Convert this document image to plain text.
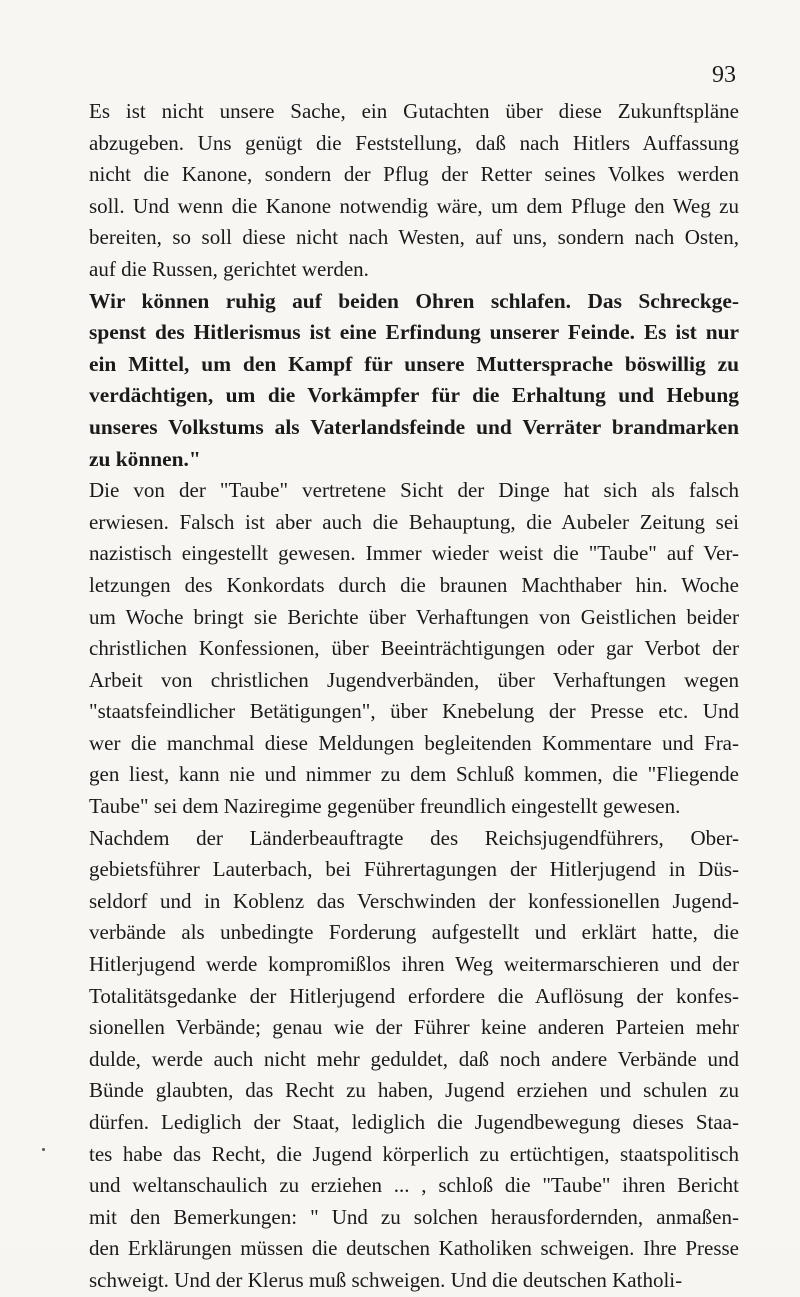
93
Es ist nicht unsere Sache, ein Gutachten über diese Zukunftspläne
abzugeben. Uns genügt die Feststellung, daß nach Hitlers Auffassung
nicht die Kanone, sondern der Pflug der Retter seines Volkes werden
soll. Und wenn die Kanone notwendig wäre, um dem Pfluge den Weg zu
bereiten, so soll diese nicht nach Westen, auf uns, sondern nach Osten,
auf die Russen, gerichtet werden.
Wir können ruhig auf beiden Ohren schlafen. Das Schreckge-
spenst des Hitlerismus ist eine Erfindung unserer Feinde. Es ist nur
ein Mittel, um den Kampf für unsere Muttersprache böswillig zu
verdächtigen, um die Vorkämpfer für die Erhaltung und Hebung
unseres Volkstums als Vaterlandsfeinde und Verräter brandmarken
zu können."
Die von der "Taube" vertretene Sicht der Dinge hat sich als falsch
erwiesen. Falsch ist aber auch die Behauptung, die Aubeler Zeitung sei
nazistisch eingestellt gewesen. Immer wieder weist die "Taube" auf Ver-
letzungen des Konkordats durch die braunen Machthaber hin. Woche
um Woche bringt sie Berichte über Verhaftungen von Geistlichen beider
christlichen Konfessionen, über Beeinträchtigungen oder gar Verbot der
Arbeit von christlichen Jugendverbänden, über Verhaftungen wegen
"staatsfeindlicher Betätigungen", über Knebelung der Presse etc. Und
wer die manchmal diese Meldungen begleitenden Kommentare und Fra-
gen liest, kann nie und nimmer zu dem Schluß kommen, die "Fliegende
Taube" sei dem Naziregime gegenüber freundlich eingestellt gewesen.
Nachdem der Länderbeauftragte des Reichsjugendführers, Ober-
gebietsführer Lauterbach, bei Führertagungen der Hitlerjugend in Düs-
seldorf und in Koblenz das Verschwinden der konfessionellen Jugend-
verbände als unbedingte Forderung aufgestellt und erklärt hatte, die
Hitlerjugend werde kompromißlos ihren Weg weitermarschieren und der
Totalitätsgedanke der Hitlerjugend erfordere die Auflösung der konfes-
sionellen Verbände; genau wie der Führer keine anderen Parteien mehr
dulde, werde auch nicht mehr geduldet, daß noch andere Verbände und
Bünde glaubten, das Recht zu haben, Jugend erziehen und schulen zu
dürfen. Lediglich der Staat, lediglich die Jugendbewegung dieses Staa-
tes habe das Recht, die Jugend körperlich zu ertüchtigen, staatspolitisch
und weltanschaulich zu erziehen ... , schloß die "Taube" ihren Bericht
mit den Bemerkungen: " Und zu solchen herausfordernden, anmaßen-
den Erklärungen müssen die deutschen Katholiken schweigen. Ihre Presse
schweigt. Und der Klerus muß schweigen. Und die deutschen Katholi-
